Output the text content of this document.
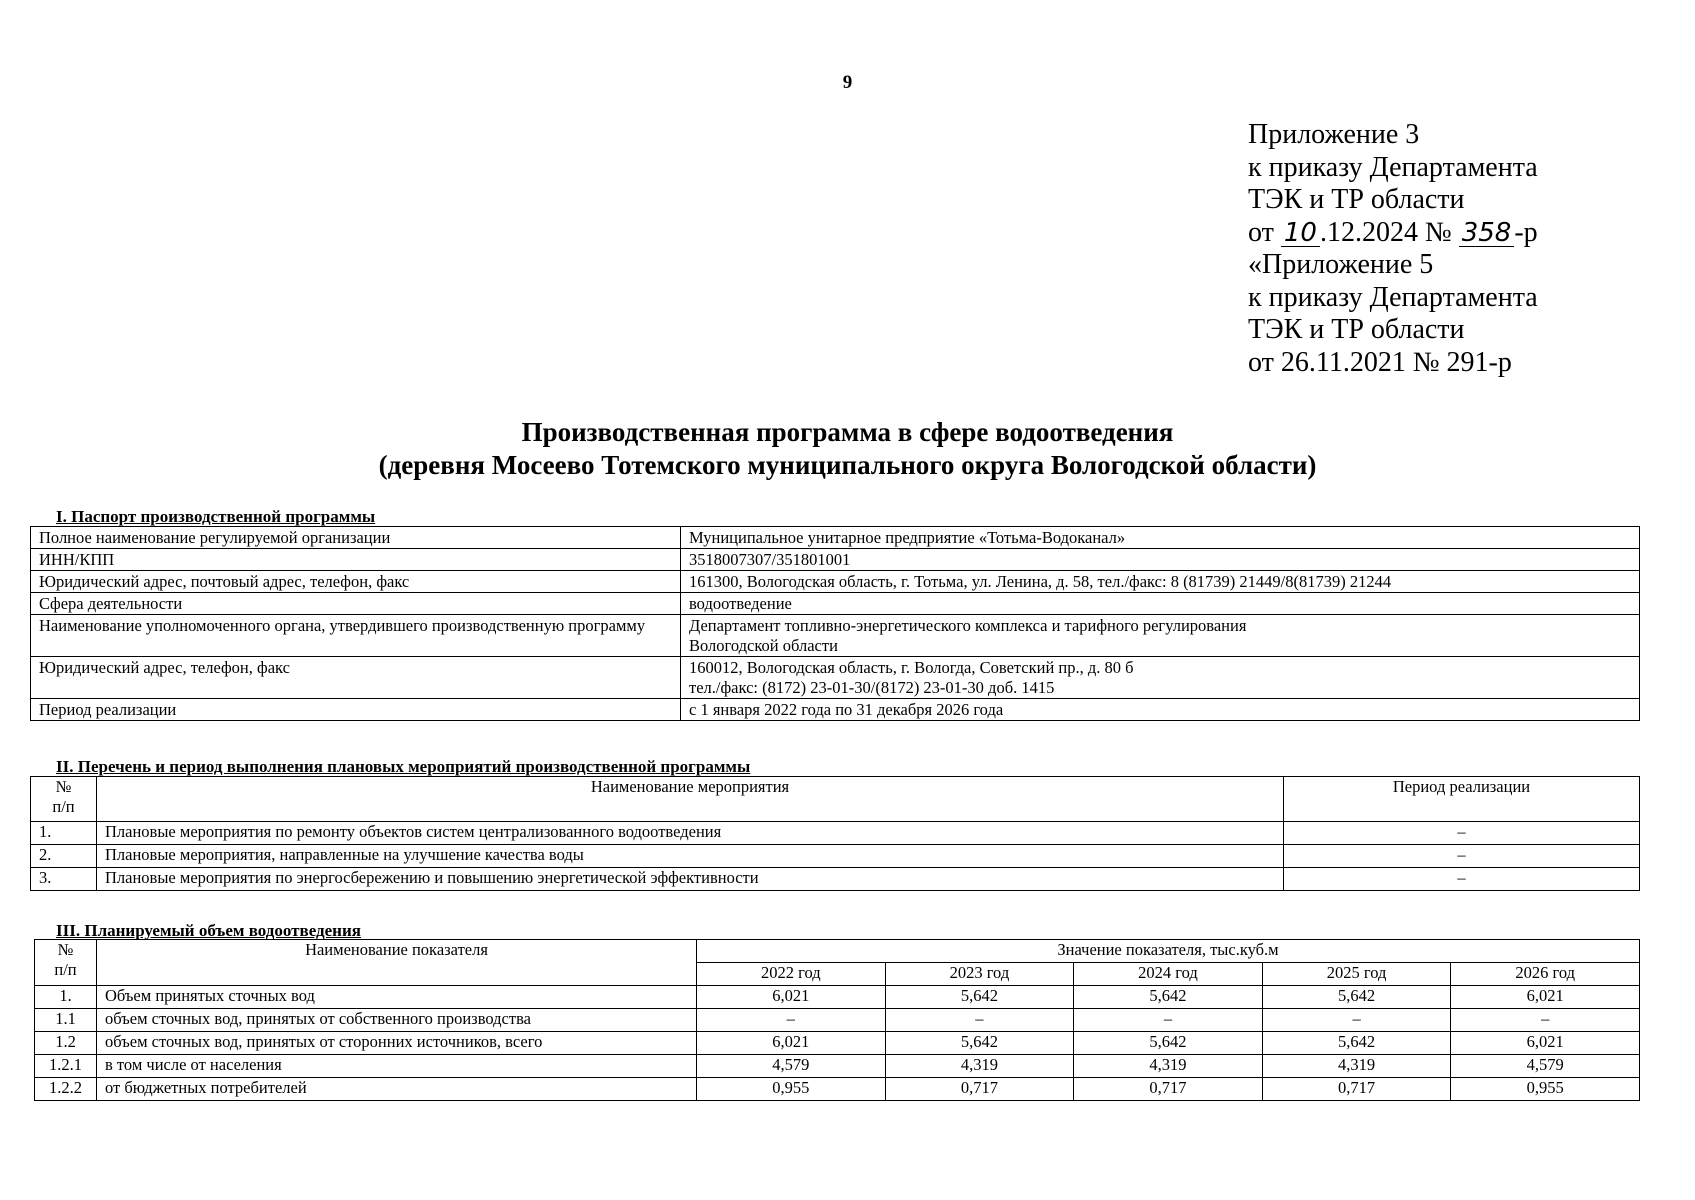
9
Приложение 3
к приказу Департамента
ТЭК и ТР области
от 10 .12.2024 № 358 -р
«Приложение 5
к приказу Департамента
ТЭК и ТР области
от 26.11.2021 № 291-р
Производственная программа в сфере водоотведения
(деревня Мосеево Тотемского муниципального округа Вологодской области)
I. Паспорт производственной программы
Полное наименование регулируемой организации	Муниципальное унитарное предприятие «Тотьма-Водоканал»

ИНН/КПП	3518007307/351801001

Юридический адрес, почтовый адрес, телефон, факс	161300, Вологодская область, г. Тотьма, ул. Ленина, д. 58, тел./факс: 8 (81739) 21449/8(81739) 21244

Сфера деятельности	водоотведение

Наименование уполномоченного органа, утвердившего производственную программу	Департамент топливно-энергетического комплекса и тарифного регулирования
Вологодской области

Юридический адрес, телефон, факс	160012, Вологодская область, г. Вологда, Советский пр., д. 80 б
тел./факс: (8172) 23-01-30/(8172) 23-01-30 доб. 1415

Период реализации	с 1 января 2022 года по 31 декабря 2026 года
II. Перечень и период выполнения плановых мероприятий производственной программы
№
п/п	Наименование мероприятия	Период реализации
1.	Плановые мероприятия по ремонту объектов систем централизованного водоотведения	–
2.	Плановые мероприятия, направленные на улучшение качества воды	–
3.	Плановые мероприятия по энергосбережению и повышению энергетической эффективности	–
III. Планируемый объем водоотведения
№
п/п	Наименование показателя	Значение показателя, тыс.куб.м				
		2022 год	2023 год	2024 год	2025 год	2026 год
1.	Объем принятых сточных вод	6,021	5,642	5,642	5,642	6,021
1.1	объем сточных вод, принятых от собственного производства	–	–	–	–	–
1.2	объем сточных вод, принятых от сторонних источников, всего	6,021	5,642	5,642	5,642	6,021
1.2.1	в том числе от населения	4,579	4,319	4,319	4,319	4,579
1.2.2	от бюджетных потребителей	0,955	0,717	0,717	0,717	0,955
